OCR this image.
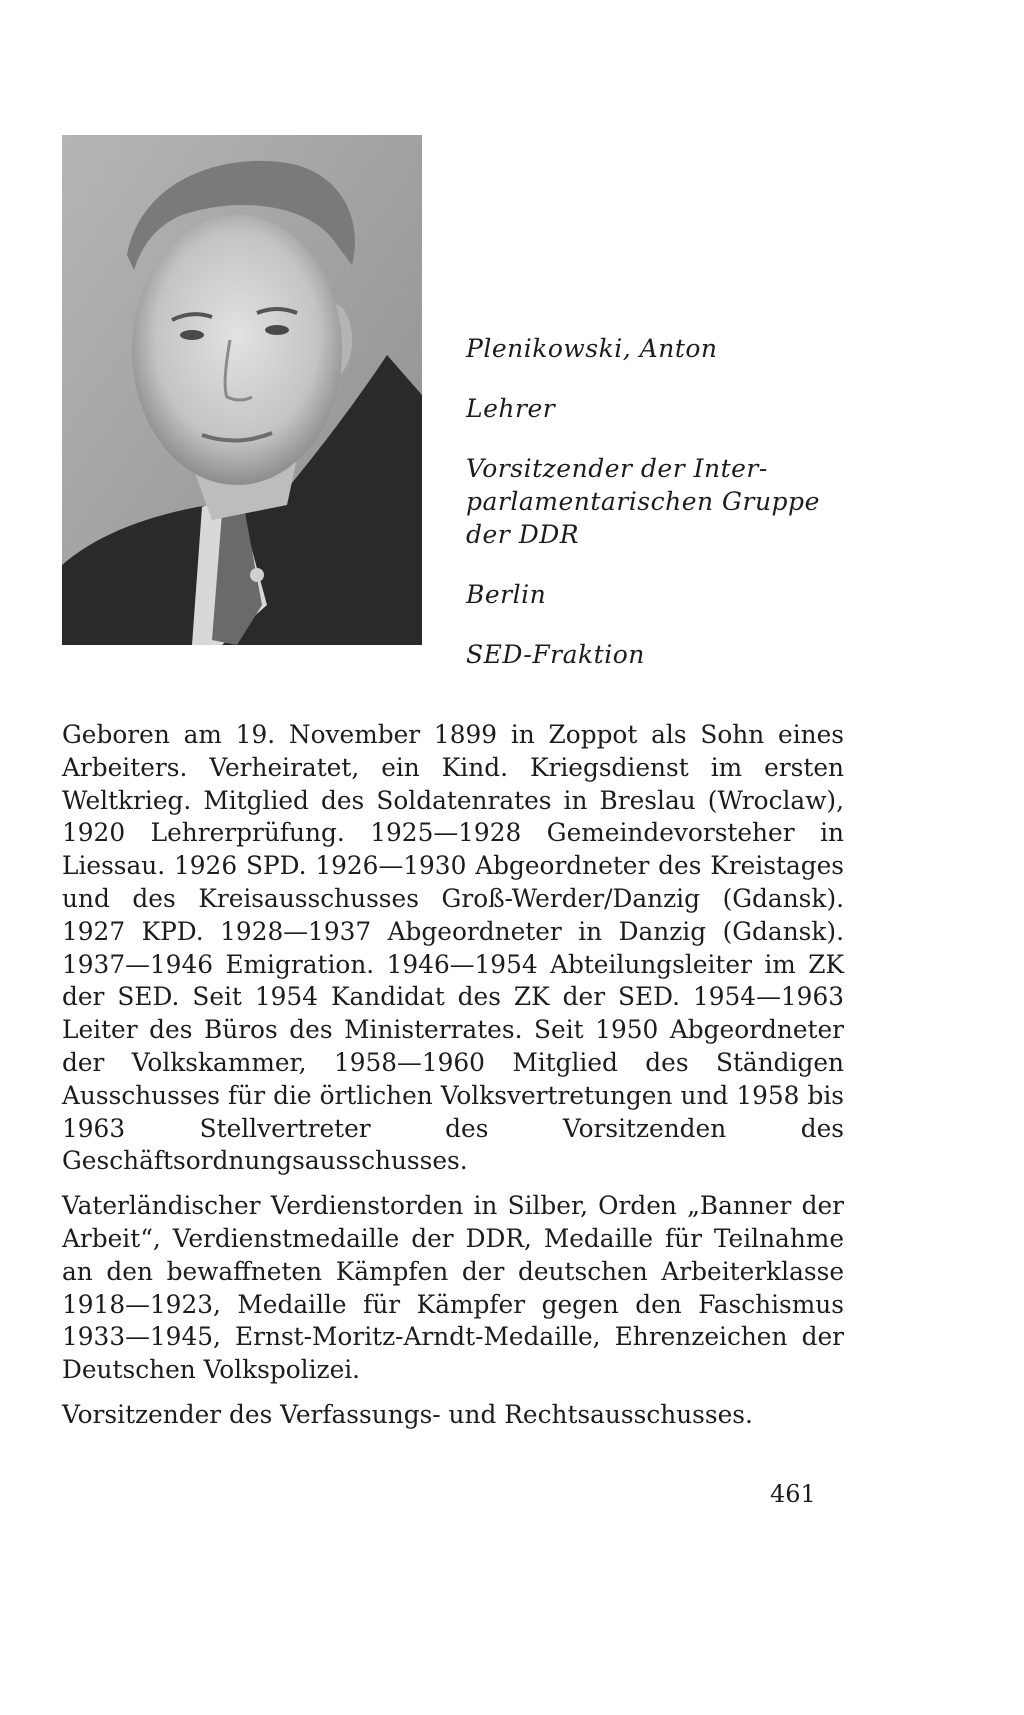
Plenikowski, Anton

Lehrer

Vorsitzender der Inter-
parlamentarischen Gruppe
der DDR

Berlin

SED-Fraktion

Geboren am 19. November 1899 in Zoppot als Sohn eines Arbeiters. Verheiratet, ein Kind. Kriegsdienst im ersten Weltkrieg. Mitglied des Soldatenrates in Breslau (Wroclaw), 1920 Lehrerprüfung. 1925—1928 Gemeindevorsteher in Liessau. 1926 SPD. 1926—1930 Abgeordneter des Kreistages und des Kreisausschusses Groß-Werder/Danzig (Gdansk). 1927 KPD. 1928—1937 Abgeordneter in Danzig (Gdansk). 1937—1946 Emigration. 1946—1954 Abteilungsleiter im ZK der SED. Seit 1954 Kandidat des ZK der SED. 1954—1963 Leiter des Büros des Ministerrates. Seit 1950 Abgeordneter der Volkskammer, 1958—1960 Mitglied des Ständigen Ausschusses für die örtlichen Volksvertretungen und 1958 bis 1963 Stellvertreter des Vorsitzenden des Geschäftsordnungsausschusses.

Vaterländischer Verdienstorden in Silber, Orden „Banner der Arbeit“, Verdienstmedaille der DDR, Medaille für Teilnahme an den bewaffneten Kämpfen der deutschen Arbeiterklasse 1918—1923, Medaille für Kämpfer gegen den Faschismus 1933—1945, Ernst-Moritz-Arndt-Medaille, Ehrenzeichen der Deutschen Volkspolizei.

Vorsitzender des Verfassungs- und Rechtsausschusses.

461
